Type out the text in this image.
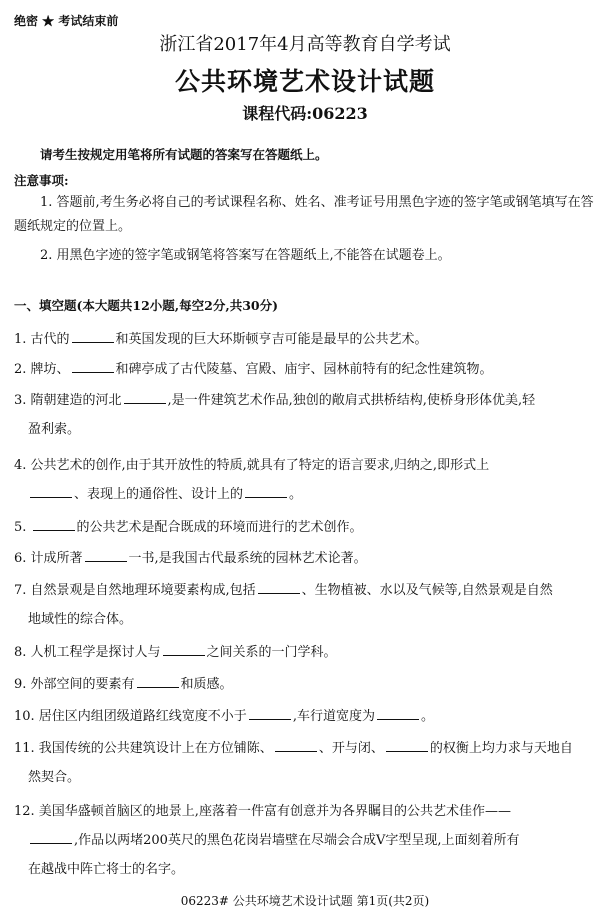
绝密 ★ 考试结束前
浙江省2017年4月高等教育自学考试
公共环境艺术设计试题
课程代码:06223
请考生按规定用笔将所有试题的答案写在答题纸上。
注意事项:
1. 答题前,考生务必将自己的考试课程名称、姓名、准考证号用黑色字迹的签字笔或钢笔填写在答题纸规定的位置上。
2. 用黑色字迹的签字笔或钢笔将答案写在答题纸上,不能答在试题卷上。
一、填空题(本大题共12小题,每空2分,共30分)
1. 古代的	和英国发现的巨大环斯顿亨吉可能是最早的公共艺术。
2. 牌坊、	和碑亭成了古代陵墓、宫殿、庙宇、园林前特有的纪念性建筑物。
3. 隋朝建造的河北	,是一件建筑艺术作品,独创的敞肩式拱桥结构,使桥身形体优美,轻
盈利索。
4. 公共艺术的创作,由于其开放性的特质,就具有了特定的语言要求,归纳之,即形式上
、表现上的通俗性、设计上的	。
5.	的公共艺术是配合既成的环境而进行的艺术创作。
6. 计成所著	一书,是我国古代最系统的园林艺术论著。
7. 自然景观是自然地理环境要素构成,包括	、生物植被、水以及气候等,自然景观是自然
地域性的综合体。
8. 人机工程学是探讨人与	之间关系的一门学科。
9. 外部空间的要素有	和质感。
10. 居住区内组团级道路红线宽度不小于	,车行道宽度为	。
11. 我国传统的公共建筑设计上在方位铺陈、	、开与闭、	的权衡上均力求与天地自
然契合。
12. 美国华盛顿首脑区的地景上,座落着一件富有创意并为各界瞩目的公共艺术佳作——
,作品以两堵200英尺的黑色花岗岩墙壁在尽端会合成V字型呈现,上面刻着所有
在越战中阵亡将士的名字。
06223# 公共环境艺术设计试题 第1页(共2页)
